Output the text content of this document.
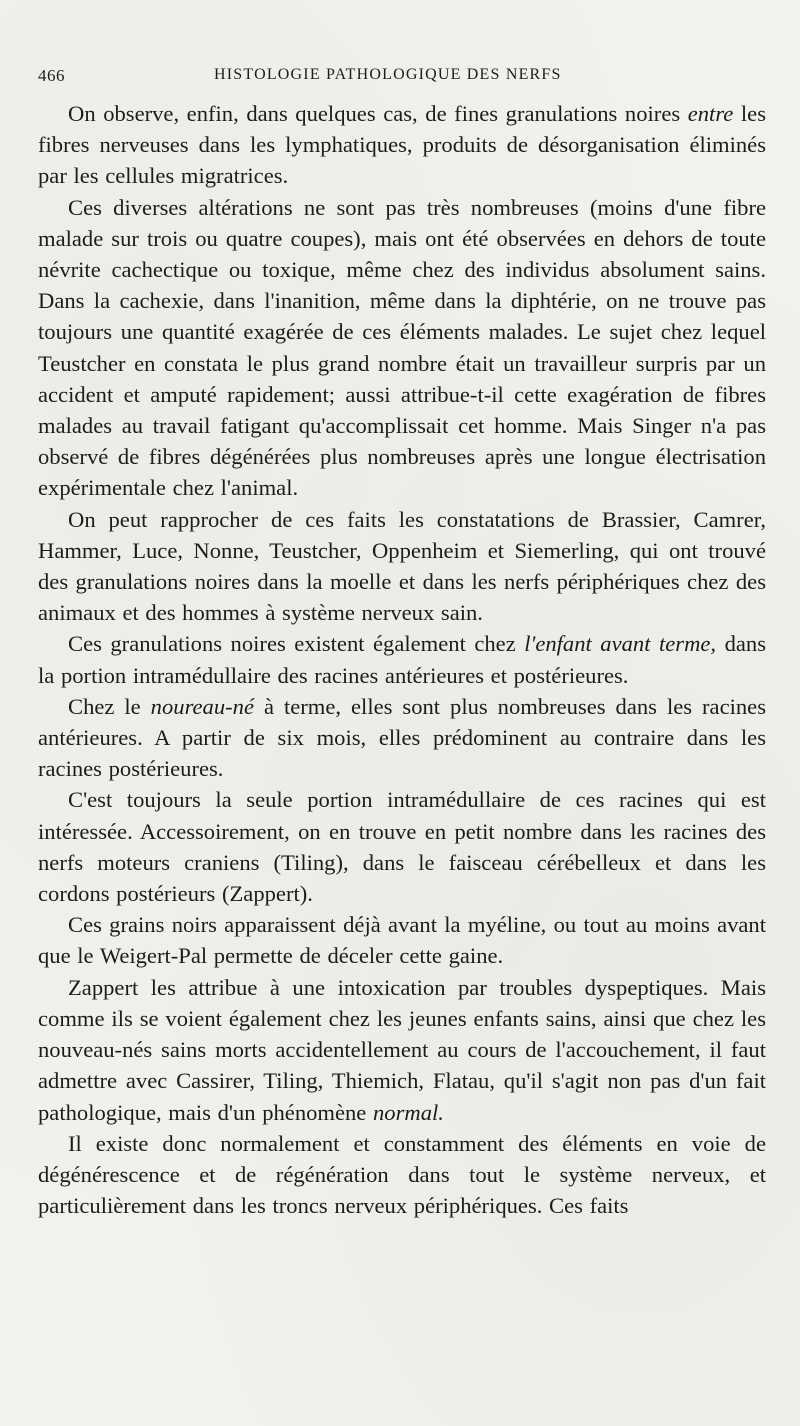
466	HISTOLOGIE PATHOLOGIQUE DES NERFS

On observe, enfin, dans quelques cas, de fines granulations noires entre les fibres nerveuses dans les lymphatiques, produits de désorganisation éliminés par les cellules migratrices.

Ces diverses altérations ne sont pas très nombreuses (moins d'une fibre malade sur trois ou quatre coupes), mais ont été observées en dehors de toute névrite cachectique ou toxique, même chez des individus absolument sains. Dans la cachexie, dans l'inanition, même dans la diphtérie, on ne trouve pas toujours une quantité exagérée de ces éléments malades. Le sujet chez lequel Teustcher en constata le plus grand nombre était un travailleur surpris par un accident et amputé rapidement; aussi attribue-t-il cette exagération de fibres malades au travail fatigant qu'accomplissait cet homme. Mais Singer n'a pas observé de fibres dégénérées plus nombreuses après une longue électrisation expérimentale chez l'animal.

On peut rapprocher de ces faits les constatations de Brassier, Camrer, Hammer, Luce, Nonne, Teustcher, Oppenheim et Siemerling, qui ont trouvé des granulations noires dans la moelle et dans les nerfs périphériques chez des animaux et des hommes à système nerveux sain.

Ces granulations noires existent également chez l'enfant avant terme, dans la portion intramédullaire des racines antérieures et postérieures.

Chez le noureau-né à terme, elles sont plus nombreuses dans les racines antérieures. A partir de six mois, elles prédominent au contraire dans les racines postérieures.

C'est toujours la seule portion intramédullaire de ces racines qui est intéressée. Accessoirement, on en trouve en petit nombre dans les racines des nerfs moteurs craniens (Tiling), dans le faisceau cérébelleux et dans les cordons postérieurs (Zappert).

Ces grains noirs apparaissent déjà avant la myéline, ou tout au moins avant que le Weigert-Pal permette de déceler cette gaine.

Zappert les attribue à une intoxication par troubles dyspeptiques. Mais comme ils se voient également chez les jeunes enfants sains, ainsi que chez les nouveau-nés sains morts accidentellement au cours de l'accouchement, il faut admettre avec Cassirer, Tiling, Thiemich, Flatau, qu'il s'agit non pas d'un fait pathologique, mais d'un phénomène normal.

Il existe donc normalement et constamment des éléments en voie de dégénérescence et de régénération dans tout le système nerveux, et particulièrement dans les troncs nerveux périphériques. Ces faits
